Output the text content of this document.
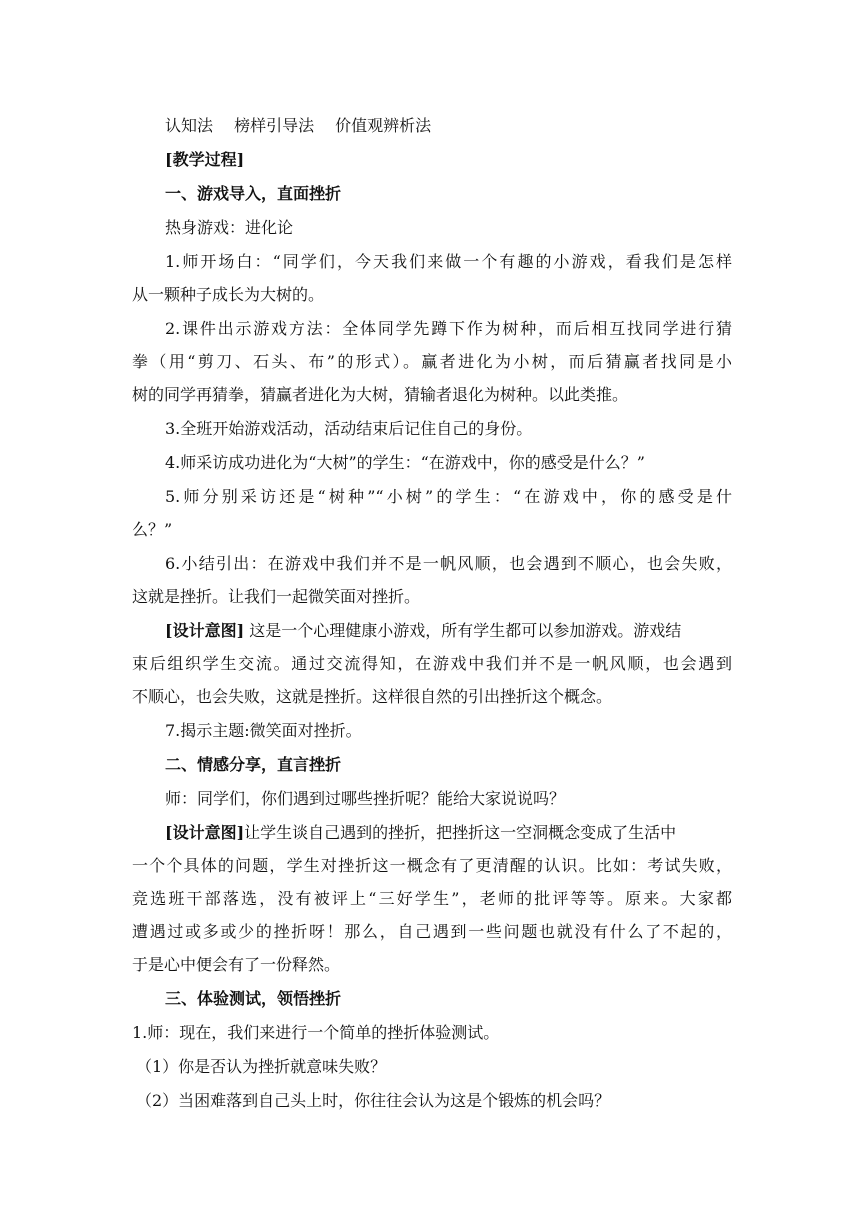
认知法　 榜样引导法　 价值观辨析法

[教学过程]

一、游戏导入，直面挫折

热身游戏：进化论

1.师开场白：“同学们，今天我们来做一个有趣的小游戏，看我们是怎样

从一颗种子成长为大树的。

2.课件出示游戏方法：全体同学先蹲下作为树种，而后相互找同学进行猜

拳（用“剪刀、石头、布”的形式）。赢者进化为小树，而后猜赢者找同是小

树的同学再猜拳，猜赢者进化为大树，猜输者退化为树种。以此类推。

3.全班开始游戏活动，活动结束后记住自己的身份。

4.师采访成功进化为“大树”的学生：“在游戏中，你的感受是什么？”

5.师分别采访还是“树种”“小树”的学生：“在游戏中，你的感受是什

么？”

6.小结引出：在游戏中我们并不是一帆风顺，也会遇到不顺心，也会失败，

这就是挫折。让我们一起微笑面对挫折。

[设计意图] 这是一个心理健康小游戏，所有学生都可以参加游戏。游戏结

束后组织学生交流。通过交流得知，在游戏中我们并不是一帆风顺，也会遇到

不顺心，也会失败，这就是挫折。这样很自然的引出挫折这个概念。

7.揭示主题:微笑面对挫折。

二、情感分享，直言挫折

师：同学们，你们遇到过哪些挫折呢？能给大家说说吗？

[设计意图]让学生谈自己遇到的挫折，把挫折这一空洞概念变成了生活中

一个个具体的问题，学生对挫折这一概念有了更清醒的认识。比如：考试失败，

竞选班干部落选，没有被评上“三好学生”，老师的批评等等。原来。大家都

遭遇过或多或少的挫折呀！那么，自己遇到一些问题也就没有什么了不起的，

于是心中便会有了一份释然。

三、体验测试，领悟挫折

1.师：现在，我们来进行一个简单的挫折体验测试。

（1）你是否认为挫折就意味失败？

（2）当困难落到自己头上时，你往往会认为这是个锻炼的机会吗？
